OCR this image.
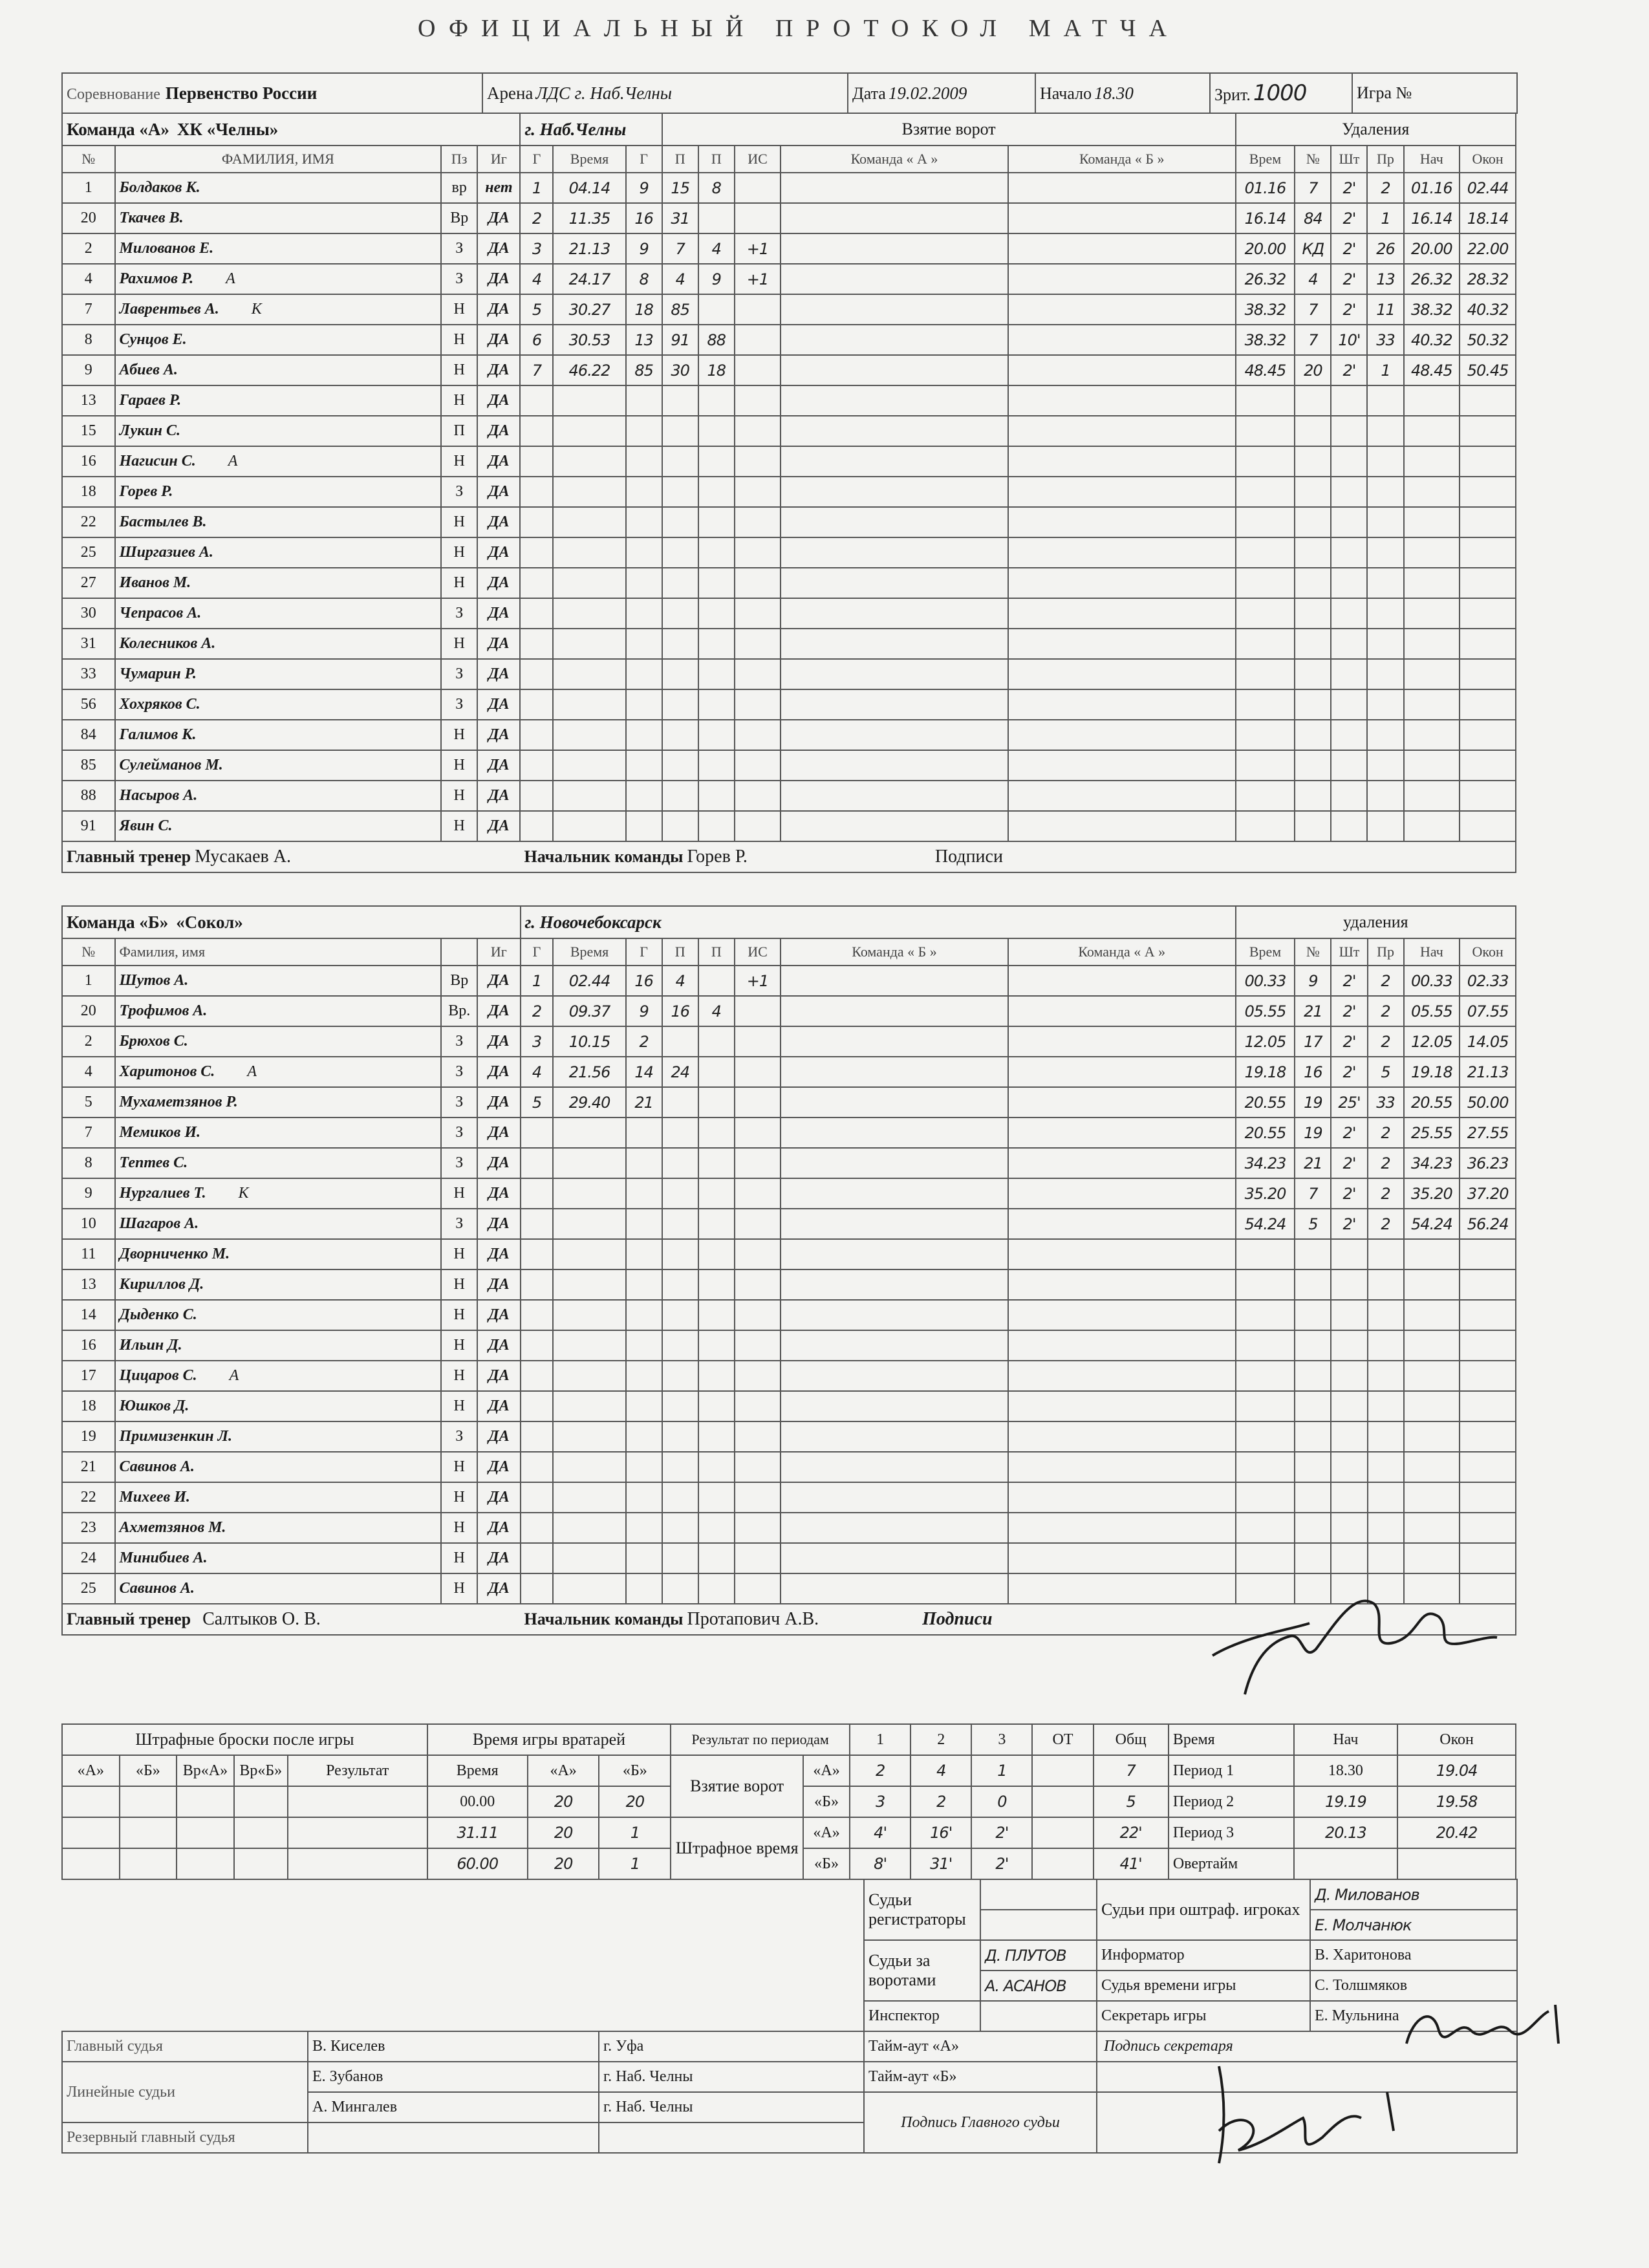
ОФИЦИАЛЬНЫЙ ПРОТОКОЛ МАТЧА
Соревнование Первенство России	Арена ЛДС г. Наб.Челны	Дата 19.02.2009	Начало 18.30	Зрит. 1000	Игра №
Команда «А» ХК «Челны»				г. Наб.Челны			Взятие ворот					Удаления					
№	ФАМИЛИЯ, ИМЯ	Пз	Иг	Г	Время	Г	П	П	ИС	Команда « А »	Команда « Б »	Врем	№	Шт	Пр	Нач	Окон
1	Болдаков К.	вр	нет	1	04.14	9	15	8				01.16	7	2'	2	01.16	02.44
20	Ткачев В.	Вр	ДА	2	11.35	16	31					16.14	84	2'	1	16.14	18.14
2	Милованов Е.	З	ДА	3	21.13	9	7	4	+1			20.00	КД	2'	26	20.00	22.00
4	Рахимов Р. А	З	ДА	4	24.17	8	4	9	+1			26.32	4	2'	13	26.32	28.32
7	Лаврентьев А. К	Н	ДА	5	30.27	18	85					38.32	7	2'	11	38.32	40.32
8	Сунцов Е.	Н	ДА	6	30.53	13	91	88				38.32	7	10'	33	40.32	50.32
9	Абиев А.	Н	ДА	7	46.22	85	30	18				48.45	20	2'	1	48.45	50.45
13	Гараев Р.	Н	ДА														
15	Лукин С.	П	ДА														
16	Нагисин С. А	Н	ДА														
18	Горев Р.	З	ДА														
22	Бастылев В.	Н	ДА														
25	Ширгазиев А.	Н	ДА														
27	Иванов М.	Н	ДА														
30	Чепрасов А.	З	ДА														
31	Колесников А.	Н	ДА														
33	Чумарин Р.	З	ДА														
56	Хохряков С.	З	ДА														
84	Галимов К.	Н	ДА														
85	Сулейманов М.	Н	ДА														
88	Насыров А.	Н	ДА														
91	Явин С.	Н	ДА														
Главный тренер Мусакаев А.				Начальник команды Горев Р. Подписи													
Команда «Б» «Сокол»				г. Новочебоксарск								удаления					
№	Фамилия, имя		Иг	Г	Время	Г	П	П	ИС	Команда « Б »	Команда « А »	Врем	№	Шт	Пр	Нач	Окон
1	Шутов А.	Вр	ДА	1	02.44	16	4		+1			00.33	9	2'	2	00.33	02.33
20	Трофимов А.	Вр.	ДА	2	09.37	9	16	4				05.55	21	2'	2	05.55	07.55
2	Брюхов С.	З	ДА	3	10.15	2						12.05	17	2'	2	12.05	14.05
4	Харитонов С. А	З	ДА	4	21.56	14	24					19.18	16	2'	5	19.18	21.13
5	Мухаметзянов Р.	З	ДА	5	29.40	21						20.55	19	25'	33	20.55	50.00
7	Мемиков И.	З	ДА									20.55	19	2'	2	25.55	27.55
8	Тептев С.	З	ДА									34.23	21	2'	2	34.23	36.23
9	Нургалиев Т. К	Н	ДА									35.20	7	2'	2	35.20	37.20
10	Шагаров А.	З	ДА									54.24	5	2'	2	54.24	56.24
11	Дворниченко М.	Н	ДА														
13	Кириллов Д.	Н	ДА														
14	Дыденко С.	Н	ДА														
16	Ильин Д.	Н	ДА														
17	Цицаров С. А	Н	ДА														
18	Юшков Д.	Н	ДА														
19	Примизенкин Л.	З	ДА														
21	Савинов А.	Н	ДА														
22	Михеев И.	Н	ДА														
23	Ахметзянов М.	Н	ДА														
24	Минибиев А.	Н	ДА														
25	Савинов А.	Н	ДА														
Главный тренер Салтыков О. В.				Начальник команды Протапович А.В. Подписи													
Штрафные броски после игры					Время игры вратарей			Результат по периодам		1	2	3	ОТ	Общ	Время	Нач	Окон
«А»	«Б»	Вр«А»	Вр«Б»	Результат	Время	«А»	«Б»	Взятие ворот	«А»	2	4	1		7	Период 1	18.30	19.04
					00.00	20	20		«Б»	3	2	0		5	Период 2	19.19	19.58
					31.11	20	1	Штрафное время	«А»	4'	16'	2'		22'	Период 3	20.13	20.42
					60.00	20	1		«Б»	8'	31'	2'		41'	Овертайм		
			Судьи регистраторы		Судьи при оштраф. игроках	Д. Милованов
						Е. Молчанюк
			Судьи за воротами	Д. ПЛУТОВ	Информатор	В. Харитонова
				А. АСАНОВ	Судья времени игры	С. Толшмяков
			Инспектор		Секретарь игры	Е. Мульнина
Главный судья	В. Киселев	г. Уфа	Тайм-аут «А»		Подпись секретаря	
Линейные судьи	Е. Зубанов	г. Наб. Челны	Тайм-аут «Б»			
	А. Мингалев	г. Наб. Челны	Подпись Главного судьи			
Резервный главный судья						
